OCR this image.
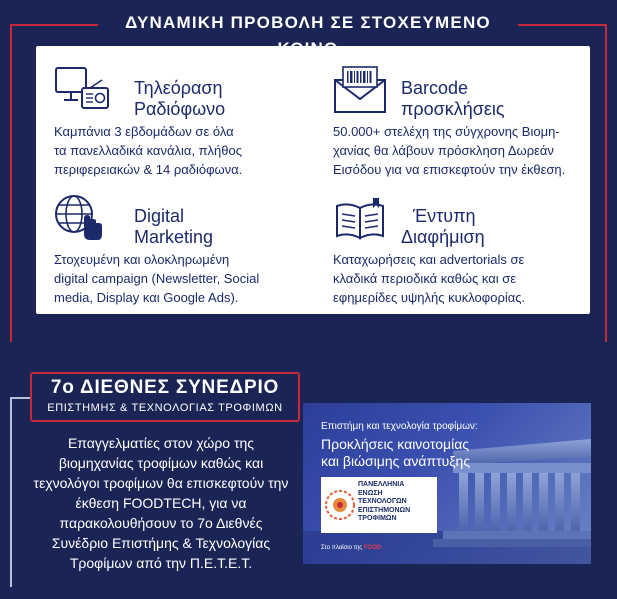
ΔΥΝΑΜΙΚΗ ΠΡΟΒΟΛΗ ΣΕ ΣΤΟΧΕΥΜΕΝΟ
Τηλεόραση
Ραδιόφωνο
Καμπάνια 3 εβδομάδων σε όλα
τα πανελλαδικά κανάλια, πλήθος
περιφερειακών & 14 ραδιόφωνα.
Barcode
προσκλήσεις
50.000+ στελέχη της σύγχρονης Βιομη-
χανίας θα λάβουν πρόσκληση Δωρεάν
Εισόδου για να επισκεφτούν την έκθεση.
Digital
Marketing
Στοχευμένη και ολοκληρωμένη
digital campaign (Newsletter, Social
media, Display και Google Ads).
Έντυπη
Διαφήμιση
Καταχωρήσεις και advertorials σε
κλαδικά περιοδικά καθώς και σε
εφημερίδες υψηλής κυκλοφορίας.
7ο ΔΙΕΘΝΕΣ ΣΥΝΕΔΡΙΟ
ΕΠΙΣΤΗΜΗΣ & ΤΕΧΝΟΛΟΓΙΑΣ ΤΡΟΦΙΜΩΝ
Επαγγελματίες στον χώρο της βιομηχανίας τροφίμων καθώς και τεχνολόγοι τροφίμων θα επισκεφτούν την έκθεση FOODTECH, για να παρακολουθήσουν το 7ο Διεθνές Συνέδριο Επιστήμης & Τεχνολογίας Τροφίμων από την Π.Ε.Τ.Ε.Τ.
Επιστήμη και τεχνολογία τροφίμων:
Προκλήσεις καινοτομίας
και βιώσιμης ανάπτυξης
ΠΑΝΕΛΛΗΝΙΑ
ΕΝΩΣΗ
ΤΕΧΝΟΛΟΓΩΝ
ΕΠΙΣΤΗΜΟΝΩΝ
ΤΡΟΦΙΜΩΝ
Στο πλαίσιο της FOOD
